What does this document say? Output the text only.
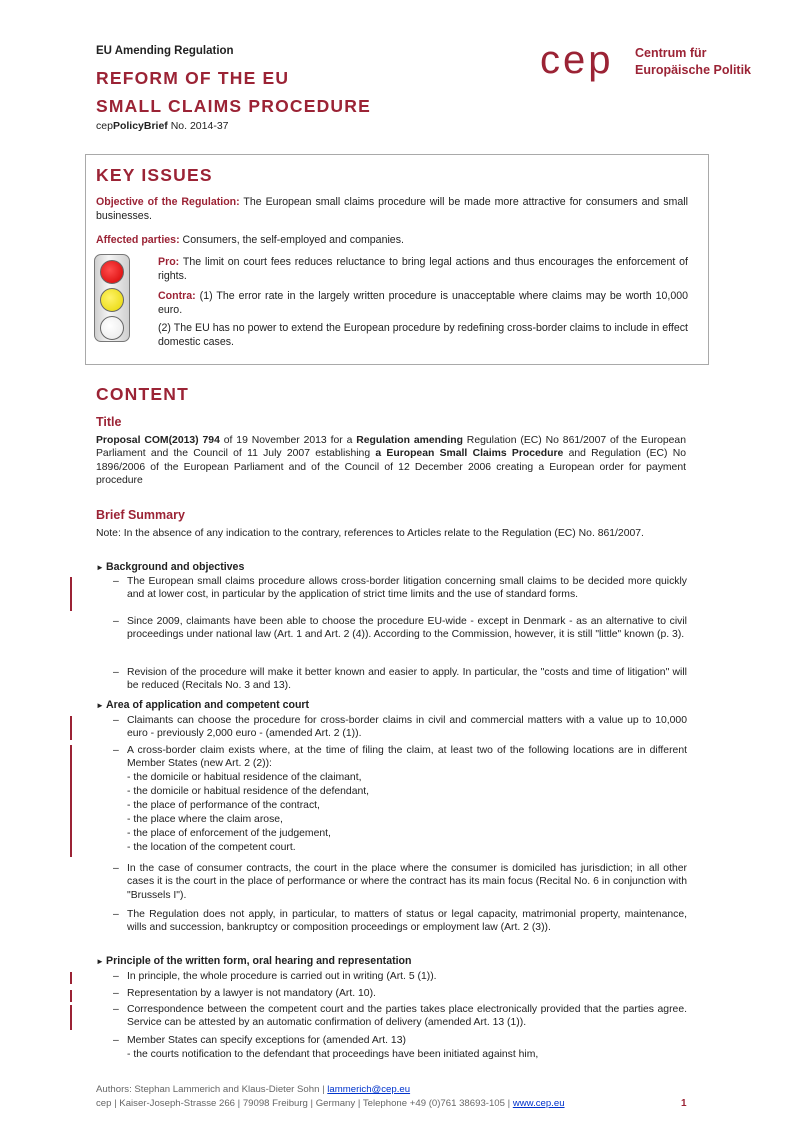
EU Amending Regulation
REFORM OF THE EU
SMALL CLAIMS PROCEDURE
cepPolicyBrief No. 2014-37
cep Centrum für
Europäische Politik
KEY ISSUES
Objective of the Regulation: The European small claims procedure will be made more attractive for consumers and small businesses.
Affected parties: Consumers, the self-employed and companies.
Pro: The limit on court fees reduces reluctance to bring legal actions and thus encourages the enforcement of rights.
Contra: (1) The error rate in the largely written procedure is unacceptable where claims may be worth 10,000 euro.
(2) The EU has no power to extend the European procedure by redefining cross-border claims to include in effect domestic cases.
CONTENT
Title
Proposal COM(2013) 794 of 19 November 2013 for a Regulation amending Regulation (EC) No 861/2007 of the European Parliament and the Council of 11 July 2007 establishing a European Small Claims Procedure and Regulation (EC) No 1896/2006 of the European Parliament and of the Council of 12 December 2006 creating a European order for payment procedure
Brief Summary
Note: In the absence of any indication to the contrary, references to Articles relate to the Regulation (EC) No. 861/2007.
► Background and objectives
– The European small claims procedure allows cross-border litigation concerning small claims to be decided more quickly and at lower cost, in particular by the application of strict time limits and the use of standard forms.
– Since 2009, claimants have been able to choose the procedure EU-wide - except in Denmark - as an alternative to civil proceedings under national law (Art. 1 and Art. 2 (4)). According to the Commission, however, it is still "little" known (p. 3).
– Revision of the procedure will make it better known and easier to apply. In particular, the "costs and time of litigation" will be reduced (Recitals No. 3 and 13).
► Area of application and competent court
– Claimants can choose the procedure for cross-border claims in civil and commercial matters with a value up to 10,000 euro - previously 2,000 euro - (amended Art. 2 (1)).
– A cross-border claim exists where, at the time of filing the claim, at least two of the following locations are in different Member States (new Art. 2 (2)):
- the domicile or habitual residence of the claimant,
- the domicile or habitual residence of the defendant,
- the place of performance of the contract,
- the place where the claim arose,
- the place of enforcement of the judgement,
- the location of the competent court.
– In the case of consumer contracts, the court in the place where the consumer is domiciled has jurisdiction; in all other cases it is the court in the place of performance or where the contract has its main focus (Recital No. 6 in conjunction with "Brussels I").
– The Regulation does not apply, in particular, to matters of status or legal capacity, matrimonial property, maintenance, wills and succession, bankruptcy or composition proceedings or employment law (Art. 2 (3)).
► Principle of the written form, oral hearing and representation
– In principle, the whole procedure is carried out in writing (Art. 5 (1)).
– Representation by a lawyer is not mandatory (Art. 10).
– Correspondence between the competent court and the parties takes place electronically provided that the parties agree. Service can be attested by an automatic confirmation of delivery (amended Art. 13 (1)).
– Member States can specify exceptions for (amended Art. 13)
- the courts notification to the defendant that proceedings have been initiated against him,
Authors: Stephan Lammerich and Klaus-Dieter Sohn | lammerich@cep.eu
cep | Kaiser-Joseph-Strasse 266 | 79098 Freiburg | Germany | Telephone +49 (0)761 38693-105 | www.cep.eu	1
